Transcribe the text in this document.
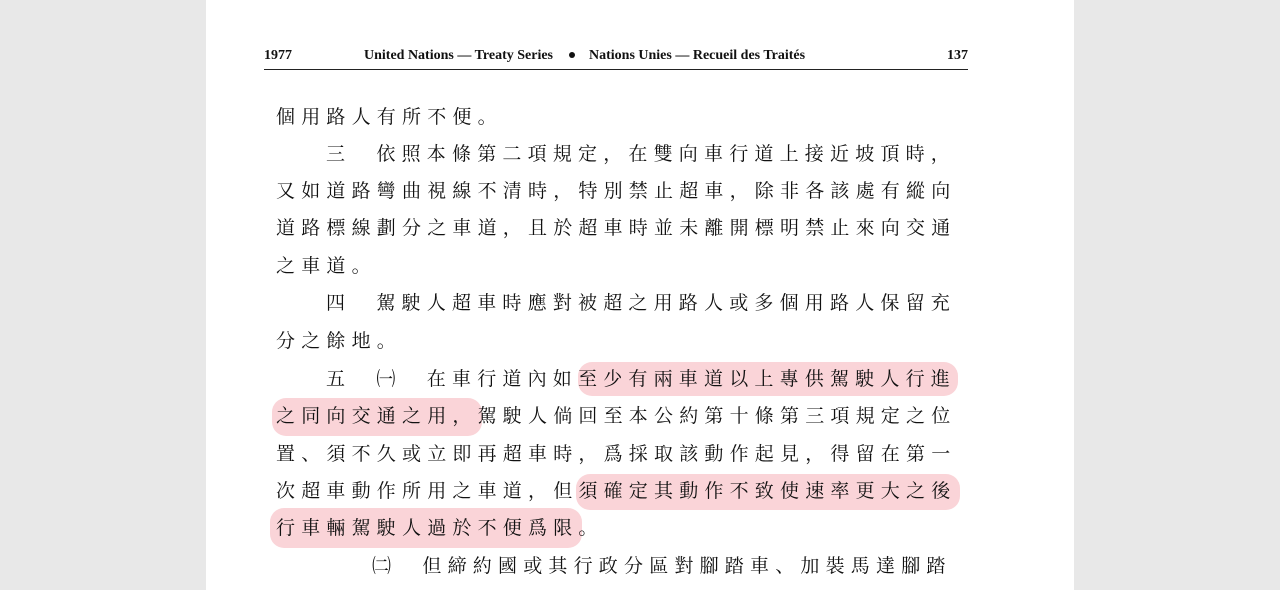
1977	United Nations — Treaty Series	Nations Unies — Recueil des Traités	137
個用路人有所不便。
三　依照本條第二項規定，在雙向車行道上接近坡頂時，
又如道路彎曲視線不清時，特別禁止超車，除非各該處有縱向
道路標線劃分之車道，且於超車時並未離開標明禁止來向交通
之車道。
四　駕駛人超車時應對被超之用路人或多個用路人保留充
分之餘地。
五　㈠　在車行道內如至少有兩車道以上專供駕駛人行進
之同向交通之用，駕駛人倘回至本公約第十條第三項規定之位
置、須不久或立即再超車時，爲採取該動作起見，得留在第一
次超車動作所用之車道，但須確定其動作不致使速率更大之後
行車輛駕駛人過於不便爲限。
㈡　但締約國或其行政分區對腳踏車、加裝馬達腳踏
